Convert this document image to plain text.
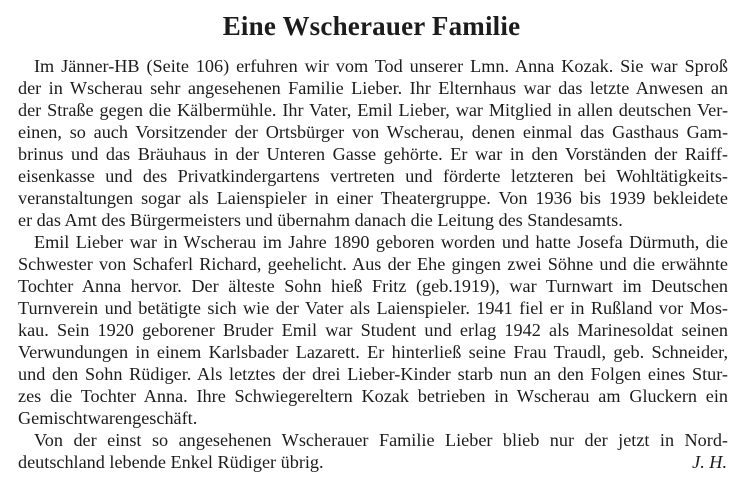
Eine Wscherauer Familie
Im Jänner-HB (Seite 106) erfuhren wir vom Tod unserer Lmn. Anna Kozak. Sie war Sproß
der in Wscherau sehr angesehenen Familie Lieber. Ihr Elternhaus war das letzte Anwesen an
der Straße gegen die Kälbermühle. Ihr Vater, Emil Lieber, war Mitglied in allen deutschen Ver-
einen, so auch Vorsitzender der Ortsbürger von Wscherau, denen einmal das Gasthaus Gam-
brinus und das Bräuhaus in der Unteren Gasse gehörte. Er war in den Vorständen der Raiff-
eisenkasse und des Privatkindergartens vertreten und förderte letzteren bei Wohltätigkeits-
veranstaltungen sogar als Laienspieler in einer Theatergruppe. Von 1936 bis 1939 bekleidete
er das Amt des Bürgermeisters und übernahm danach die Leitung des Standesamts.
Emil Lieber war in Wscherau im Jahre 1890 geboren worden und hatte Josefa Dürmuth, die
Schwester von Schaferl Richard, geehelicht. Aus der Ehe gingen zwei Söhne und die erwähnte
Tochter Anna hervor. Der älteste Sohn hieß Fritz (geb.1919), war Turnwart im Deutschen
Turnverein und betätigte sich wie der Vater als Laienspieler. 1941 fiel er in Rußland vor Mos-
kau. Sein 1920 geborener Bruder Emil war Student und erlag 1942 als Marinesoldat seinen
Verwundungen in einem Karlsbader Lazarett. Er hinterließ seine Frau Traudl, geb. Schneider,
und den Sohn Rüdiger. Als letztes der drei Lieber-Kinder starb nun an den Folgen eines Stur-
zes die Tochter Anna. Ihre Schwiegereltern Kozak betrieben in Wscherau am Gluckern ein
Gemischtwarengeschäft.
Von der einst so angesehenen Wscherauer Familie Lieber blieb nur der jetzt in Nord-
deutschland lebende Enkel Rüdiger übrig.	J. H.
